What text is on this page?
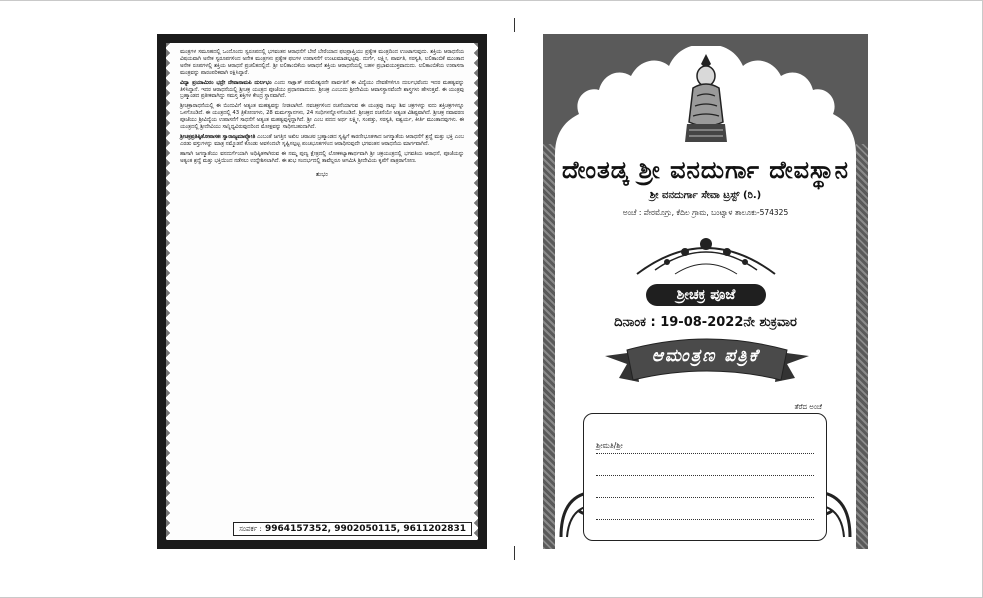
ಮಂತ್ರಗಳ ಸಮೂಹದಲ್ಲಿ ಒಂದೊಂದು ಸ್ವರೂಪದಲ್ಲಿ ಭಗವಂತನ ಆರಾಧನೆಗೆ ಬೇರೆ ಬೇರೆಯಾದ ಫಲಪ್ರಾಪ್ತಿಯು ಪ್ರತ್ಯೇಕ ಮಂತ್ರದಿಂದ ಉಂಟಾಗುವುದು. ಶಕ್ತಿಯ ಆರಾಧನೆಯ ವಿಷಯವಾಗಿ ಅನೇಕ ಸ್ವರೂಪಗಳಿಂದ ಅನೇಕ ಮಂತ್ರಗಳು ಪ್ರತ್ಯೇಕ ಫಲಗಳ ಉಪಾಸನೆಗೆ ಉಂಟುಮಾಡಲ್ಪಟ್ಟವು. ದುರ್ಗೆ, ಲಕ್ಷ್ಮೀ, ಪಾರ್ವತಿ, ಸರಸ್ವತಿ, ಲಲಿತಾಂಬಿಕೆ ಮುಂತಾದ ಅನೇಕ ರೂಪಗಳಲ್ಲಿ ಶಕ್ತಿಯ ಆರಾಧನೆ ಪ್ರಚಲಿತದಲ್ಲಿದೆ. ಶ್ರೀ ಲಲಿತಾಂಬಿಕೆಯ ಆರಾಧನೆ ಶಕ್ತಿಯ ಆರಾಧನೆಯಲ್ಲಿ ಬಹಳ ಪ್ರಭಾವಯುಕ್ತವಾದುದು. ಲಲಿತಾಂಬಿಕೆಯ ಉಪಾಸನಾ ಮಂತ್ರವನ್ನು ಪಾರಂಪರಿಕವಾಗಿ ರಕ್ಷಿಸಿದ್ದಾರೆ.

ವಿದ್ಯಾ ಪ್ರಯಾಮಿರಂ ಭದ್ರೇ ದೇವಾನಾಮಪಿ ದುರ್ಲಭಂ ಎಂದು ಸಾಕ್ಷಾತ್ ಪರಮೇಶ್ವರನೇ ಪಾರ್ವತಿಗೆ ಈ ವಿದ್ಯೆಯು ದೇವತೆಗಳಿಗೂ ದುರ್ಲಭವೆಂದು ಇದರ ಮಹತ್ವವನ್ನು ತಿಳಿಸಿದ್ದಾನೆ. ಇದರ ಆರಾಧನೆಯಲ್ಲಿ ಶ್ರೀಚಕ್ರ ಯಂತ್ರದ ಪೂಜೆಯು ಪ್ರಧಾನವಾದುದು. ಶ್ರೀಚಕ್ರ ಎಂಬುದು ಶ್ರೀದೇವಿಯ ಆವಾಸಸ್ಥಾನವೆಂದೇ ಶಾಸ್ತ್ರಗಳು ಹೇಳುತ್ತವೆ. ಈ ಯಂತ್ರವು ಬ್ರಹ್ಮಾಂಡದ ಪ್ರತೀಕವಾಗಿದ್ದು ಸಮಸ್ತ ಶಕ್ತಿಗಳ ಕೇಂದ್ರ ಸ್ಥಾನವಾಗಿದೆ.

ಶ್ರೀಚಕ್ರಾರಾಧನೆಯಲ್ಲಿ ಈ ಬಿಂದುವಿಗೆ ಅತ್ಯಂತ ಮಹತ್ವವನ್ನು ನೀಡಲಾಗಿದೆ. ನವಚಕ್ರಗಳಿಂದ ರಚನೆಯಾಗುವ ಈ ಯಂತ್ರವು ನಾಲ್ಕು ಶಿವ ಚಕ್ರಗಳನ್ನು ಐದು ಶಕ್ತಿಚಕ್ರಗಳನ್ನೂ ಒಳಗೊಂಡಿದೆ. ಈ ಯಂತ್ರದಲ್ಲಿ 43 ತ್ರಿಕೋಣಗಳು, 28 ಮರ್ಮಸ್ಥಾನಗಳು, 24 ಸಂಧಿಗಳನ್ನೊಳಗೊಂಡಿದೆ. ಶ್ರೀಚಕ್ರದ ರಚನೆಯೇ ಅತ್ಯಂತ ವಿಶಿಷ್ಟವಾಗಿದೆ. ಶ್ರೀಚಕ್ರ ನವಾವರಣ ಪೂಜೆಯು ಶ್ರೀವಿದ್ಯೆಯ ಉಪಾಸನೆಗೆ ಸಾಧನೆಗೆ ಅತ್ಯಂತ ಮಹತ್ವವುಳ್ಳದ್ದಾಗಿದೆ. ಶ್ರೀ ಎಂಬ ಪದದ ಅರ್ಥ ಲಕ್ಷ್ಮೀ, ಸಂಪತ್ತು, ಸರಸ್ವತಿ, ಐಶ್ವರ್ಯ, ಕೀರ್ತಿ ಮುಂತಾದವುಗಳು. ಈ ಯಂತ್ರದಲ್ಲಿ ಶ್ರೀದೇವಿಯು ಸಾನ್ನಿಧ್ಯವಿರುವುದರಿಂದ ಮೋಕ್ಷವನ್ನು ಸಾಧಿಸಬಹುದಾಗಿದೆ.

ಶ್ರೀಚಕ್ರಪ್ರತಿಷ್ಠಿತೋಪಾಸಕಃ ಸ್ವಾರಾಜ್ಯಮಾಪ್ನೋತಿ ಎಂಬಂತೆ ಜಗತ್ತಿನ ಅಖಿಲ ಚರಾಚರ ಬ್ರಹ್ಮಾಂಡದ ಸೃಷ್ಟಿಗೆ ಕಾರಣೀಭೂತಳಾದ ಜಗನ್ಮಾತೆಯ ಆರಾಧನೆಗೆ ಶ್ರದ್ಧೆ ಮತ್ತು ಭಕ್ತಿ ಎಂಬ ಎರಡು ವಸ್ತುಗಳನ್ನು ಮಾತ್ರ ನಮ್ಮೊಡನೆ ಕೊಂಡು ಅವಳಿಂದಲೇ ಸೃಷ್ಟಿಸಲ್ಪಟ್ಟ ಪಂಚಭೂತಗಳಿಂದ ಆರಾಧಿಸುವುದೇ ಭಗವಂತನ ಆರಾಧನೆಯ ಮಾರ್ಗವಾಗಿದೆ.

ಹಾಗಾಗಿ ಜಗನ್ಮಾತೆಯು ವನದುರ್ಗೆಯಾಗಿ ಅಧಿಷ್ಠಿತಳಾಗಿರುವ ಈ ನಮ್ಮ ಪುಣ್ಯ ಕ್ಷೇತ್ರದಲ್ಲಿ ಲೋಕಕಲ್ಯಾಣಾರ್ಥವಾಗಿ ಶ್ರೀ ಚಕ್ರಯಂತ್ರದಲ್ಲಿ ಭಗವತಿಯ ಆರಾಧನೆ, ಪೂಜೆಯನ್ನು ಅತ್ಯಂತ ಶ್ರದ್ಧೆ ಮತ್ತು ಭಕ್ತಿಯಿಂದ ನಡೆಸಲು ಉದ್ದೇಶಿಸಲಾಗಿದೆ. ಈ ಶುಭ ಸಂದರ್ಭದಲ್ಲಿ ತಾವೆಲ್ಲರೂ ಆಗಮಿಸಿ ಶ್ರೀದೇವಿಯ ಕೃಪೆಗೆ ಪಾತ್ರರಾಗೋಣ.

ಶುಭಂ
ಸಂಪರ್ಕ : 9964157352, 9902050115, 9611202831
ದೇಂತಡ್ಕ ಶ್ರೀ ವನದುರ್ಗಾ ದೇವಸ್ಥಾನ
ಶ್ರೀ ವನದುರ್ಗಾ ಸೇವಾ ಟ್ರಸ್ಟ್ (ರಿ.)
ಅಂಚೆ : ಪೇರಮೊಗ್ರು, ಕೆದಿಲ ಗ್ರಾಮ, ಬಂಟ್ವಾಳ ತಾಲೂಕು-574325
ಶ್ರೀಚಕ್ರ ಪೂಜೆ
ದಿನಾಂಕ : 19-08-2022ನೇ ಶುಕ್ರವಾರ
ಆಮಂತ್ರಣ ಪತ್ರಿಕೆ
ತೆರೆದ ಅಂಚೆ
ಶ್ರೀಮತಿ/ಶ್ರೀ
